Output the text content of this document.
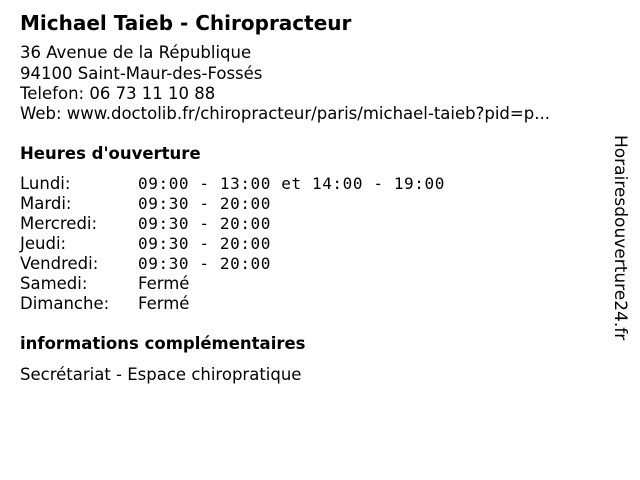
Michael Taieb - Chiropracteur
36 Avenue de la République
94100 Saint-Maur-des-Fossés
Telefon: 06 73 11 10 88
Web: www.doctolib.fr/chiropracteur/paris/michael-taieb?pid=p...
Heures d'ouverture
Lundi:	09:00 - 13:00 et 14:00 - 19:00
Mardi:	09:30 - 20:00
Mercredi:	09:30 - 20:00
Jeudi:	09:30 - 20:00
Vendredi: 09:30 - 20:00
Samedi:	Fermé
Dimanche: Fermé
informations complémentaires
Secrétariat - Espace chiropratique
Horairesdouverture24.fr
